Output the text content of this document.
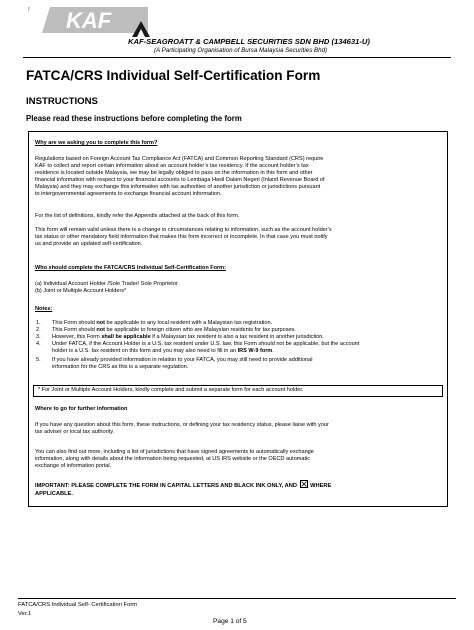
KAF
KAF-SEAGROATT & CAMPBELL SECURITIES SDN BHD (134631-U)
(A Participating Organisation of Bursa Malaysia Securities Bhd)
FATCA/CRS Individual Self-Certification Form
INSTRUCTIONS
Please read these instructions before completing the form
Why are we asking you to complete this form?
Regulations based on Foreign Account Tax Compliance Act (FATCA) and Common Reporting Standard (CRS) require
KAF to collect and report certain information about an account holder’s tax residency. If the account holder’s tax
residence is located outside Malaysia, we may be legally obliged to pass on the information in this form and other
financial information with respect to your financial accounts to Lembaga Hasil Dalam Negeri (Inland Revenue Board of
Malaysia) and they may exchange this information with tax authorities of another jurisdiction or jurisdictions pursuant
to intergovernmental agreements to exchange financial account information.
For the list of definitions, kindly refer the Appendix attached at the back of this form.
This form will remain valid unless there is a change in circumstances relating to information, such as the account holder’s
tax status or other mandatory field information that makes this form incorrect or incomplete. In that case you must notify
us and provide an updated self-certification.
Who should complete the FATCA/CRS Individual Self-Certification Form:
(a) Individual Account Holder /Sole Trader/ Sole Proprietor
(b) Joint or Multiple Account Holders*
Notes:
1. This Form should not be applicable to any local resident with a Malaysian tax registration.
2. This Form should not be applicable to foreign citizen who are Malaysian residents for tax purposes.
3. However, this Form shall be applicable if a Malaysian tax resident is also a tax resident in another jurisdiction.
4. Under FATCA, if the Account Holder is a U.S. tax resident under U.S. law, this Form should not be applicable, but the account
holder is a U.S. tax resident on this form and you may also need to fill in an IRS W-9 form.
5. If you have already provided information in relation to your FATCA, you may still need to provide additional
information for the CRS as this is a separate regulation.
* For Joint or Multiple Account Holders, kindly complete and submit a separate form for each account holder.
Where to go for further information
If you have any question about this form, these instructions, or defining your tax residency status, please liaise with your
tax adviser or local tax authority.
You can also find out more, including a list of jurisdictions that have signed agreements to automatically exchange
information, along with details about the information being requested, at US IRS website or the OECD automatic
exchange of information portal.
IMPORTANT: PLEASE COMPLETE THE FORM IN CAPITAL LETTERS AND BLACK INK ONLY, AND WHERE
APPLICABLE.
FATCA/CRS Individual Self- Certification Form
Ver.1
Page 1 of 5
